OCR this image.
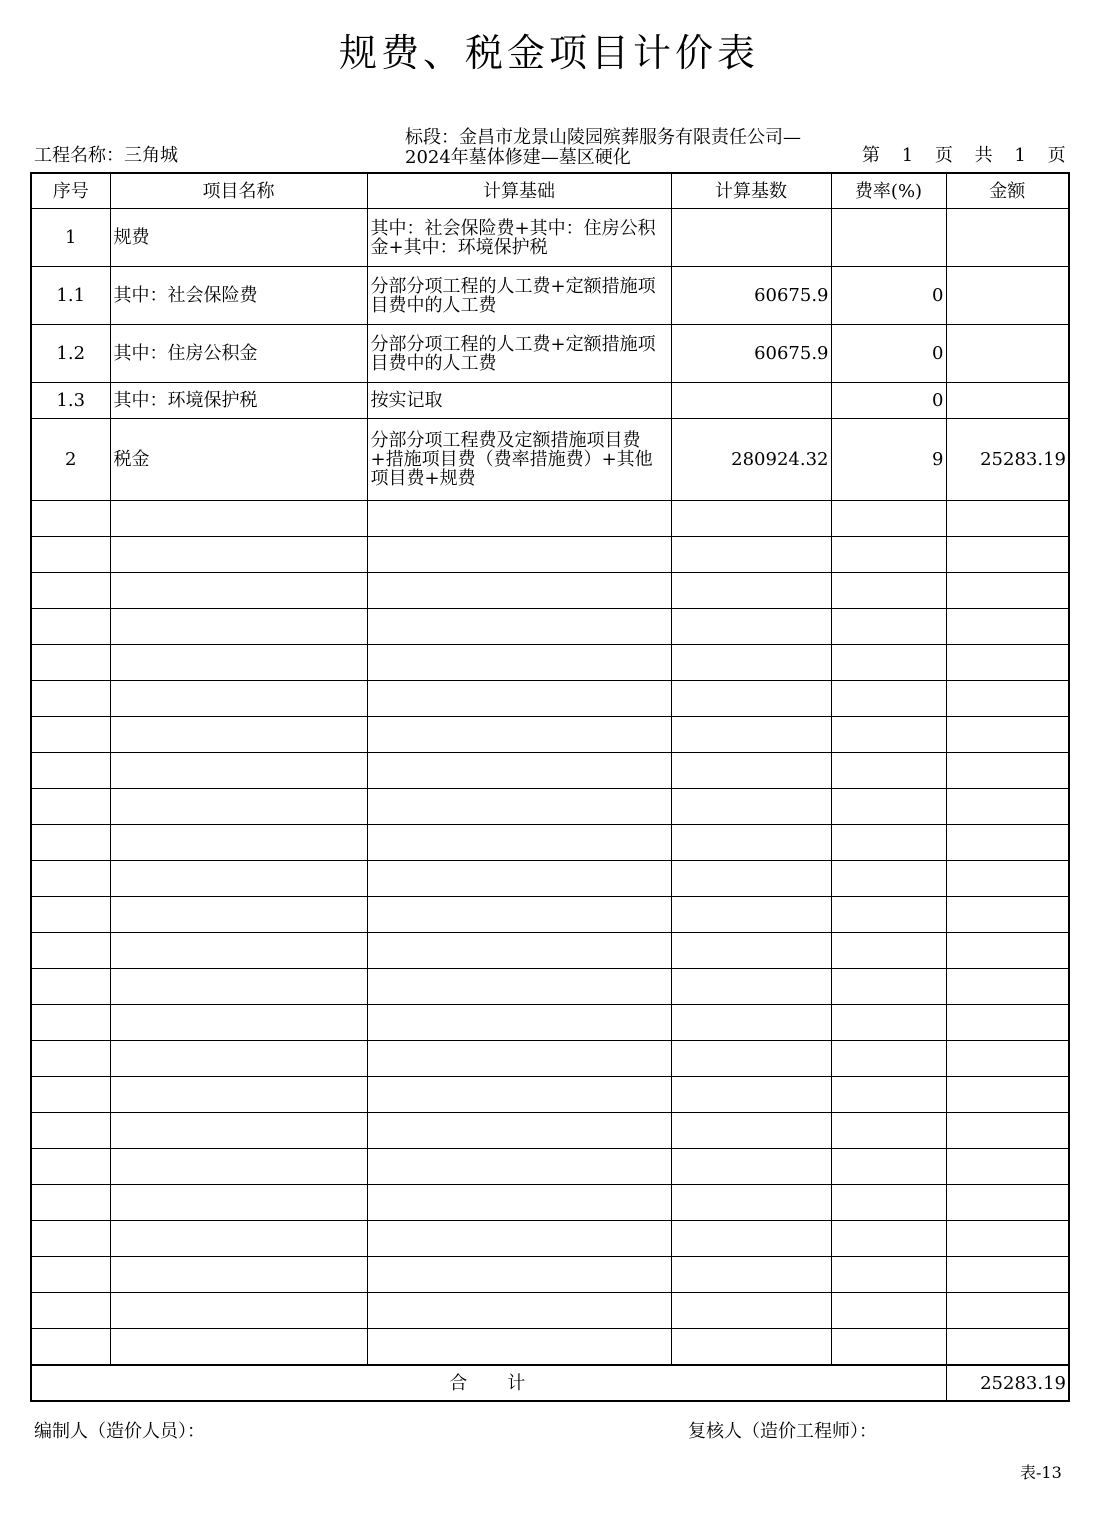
规费、税金项目计价表
工程名称：三角城
标段：金昌市龙景山陵园殡葬服务有限责任公司—2024年墓体修建—墓区硬化	第 1 页 共 1 页
序号	项目名称	计算基础	计算基数	费率(%)	金额
1	规费	其中：社会保险费+其中：住房公积金+其中：环境保护税			
1.1	其中：社会保险费	分部分项工程的人工费+定额措施项目费中的人工费	60675.9	0	
1.2	其中：住房公积金	分部分项工程的人工费+定额措施项目费中的人工费	60675.9	0	
1.3	其中：环境保护税	按实记取		0	
2	税金	分部分项工程费及定额措施项目费+措施项目费（费率措施费）+其他项目费+规费	280924.32	9	25283.19

合计					25283.19
编制人（造价人员）：	复核人（造价工程师）：
表-13
